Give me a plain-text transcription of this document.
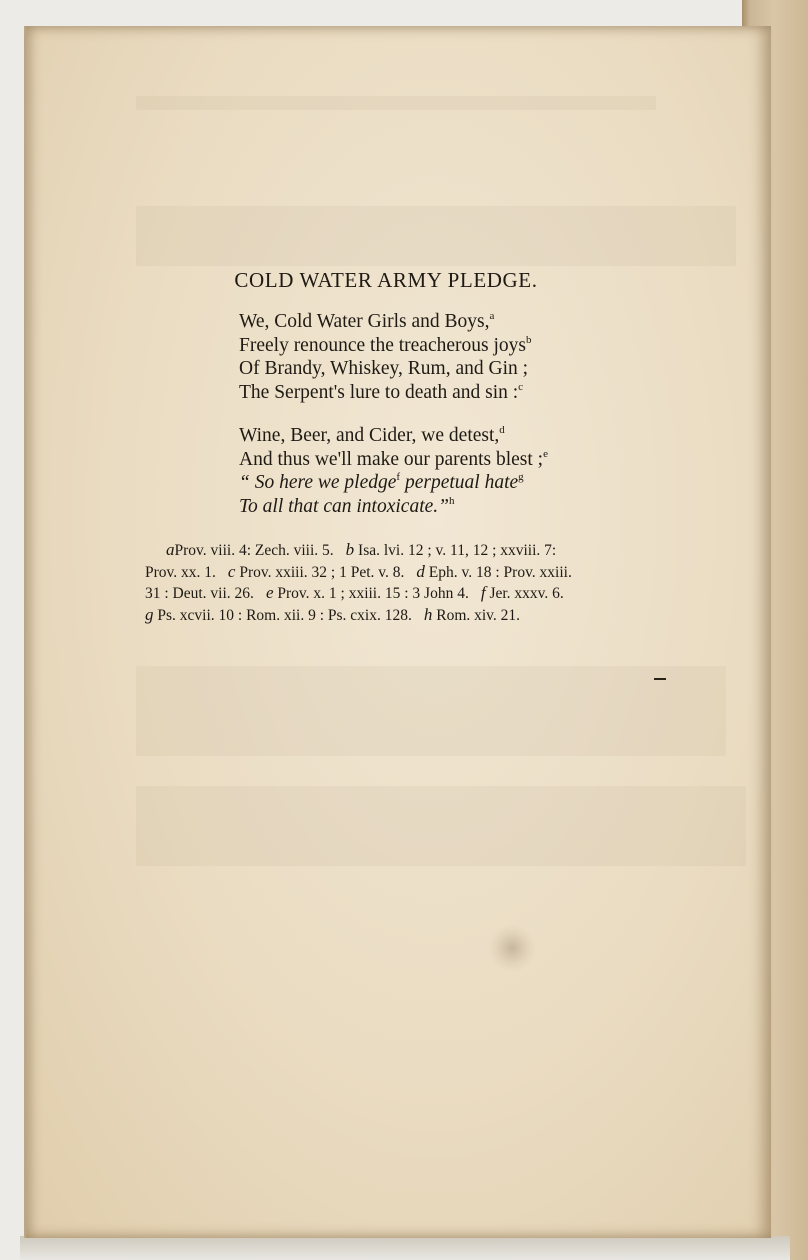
COLD WATER ARMY PLEDGE.
We, Cold Water Girls and Boys,$^a$
Freely renounce the treacherous joys$^b$
Of Brandy, Whiskey, Rum, and Gin ;
The Serpent's lure to death and sin :$^c$
Wine, Beer, and Cider, we detest,$^d$
And thus we'll make our parents blest ;$^e$
“ So here we pledge$^f$ perpetual hate$^g$
To all that can intoxicate.”$^h$
aProv. viii. 4: Zech. viii. 5. b Isa. lvi. 12 ; v. 11, 12 ; xxviii. 7:
Prov. xx. 1. c Prov. xxiii. 32 ; 1 Pet. v. 8. d Eph. v. 18 : Prov. xxiii.
31 : Deut. vii. 26. e Prov. x. 1 ; xxiii. 15 : 3 John 4. f Jer. xxxv. 6.
g Ps. xcvii. 10 : Rom. xii. 9 : Ps. cxix. 128. h Rom. xiv. 21.
